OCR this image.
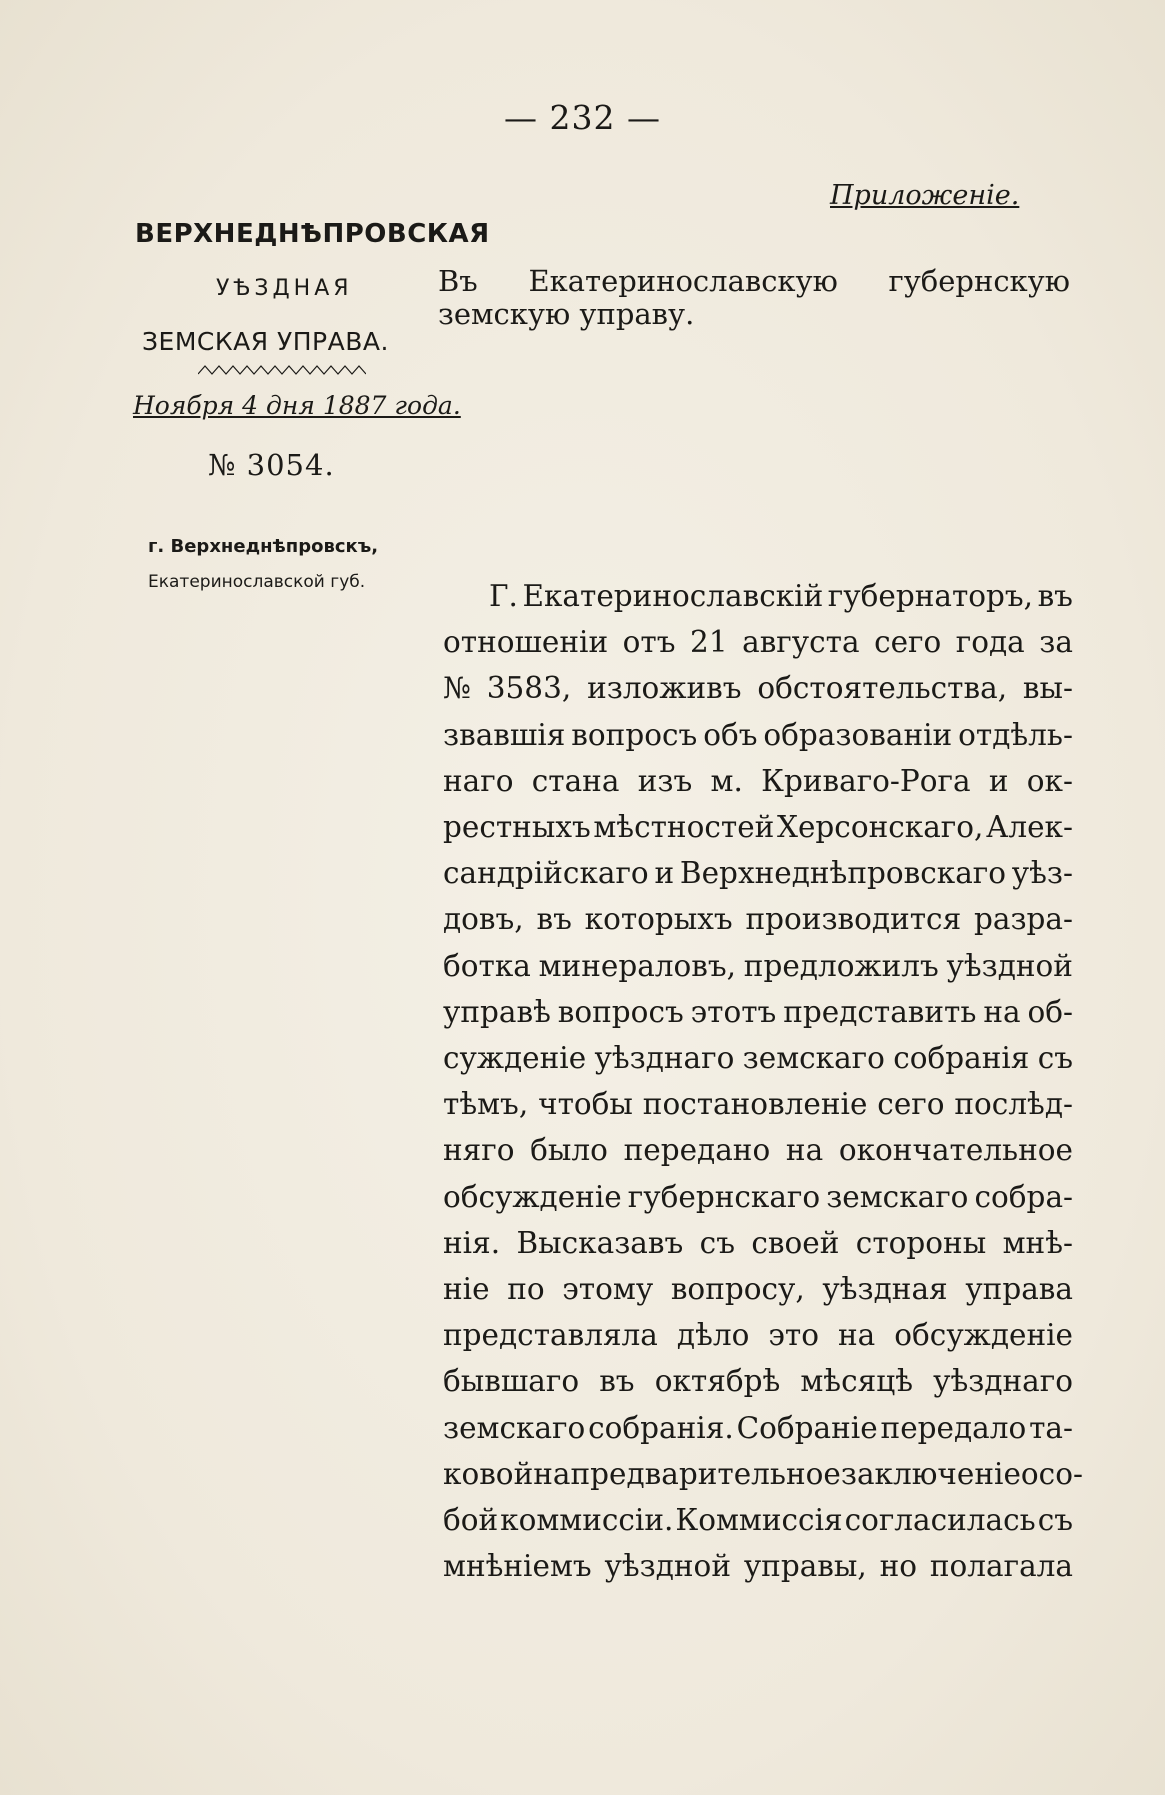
— 232 —
Приложеніе.
ВЕРХНЕДНѢПРОВСКАЯ
УѢЗДНАЯ
ЗЕМСКАЯ УПРАВА.
Въ Екатеринославскую губернскую
земскую управу.
Ноября 4 дня 1887 года.
№ 3054.
г. Верхнеднѣпровскъ,
Екатеринославской губ.	Г. Екатеринославскій губернаторъ, въ
отношеніи отъ 21 августа сего года за
№ 3583, изложивъ обстоятельства, вы-
звавшія вопросъ объ образованіи отдѣль-
наго стана изъ м. Криваго-Рога и ок-
рестныхъ мѣстностей Херсонскаго, Алек-
сандрійскаго и Верхнеднѣпровскаго уѣз-
довъ, въ которыхъ производится разра-
ботка минераловъ, предложилъ уѣздной
управѣ вопросъ этотъ представить на об-
сужденіе уѣзднаго земскаго собранія съ
тѣмъ, чтобы постановленіе сего послѣд-
няго было передано на окончательное
обсужденіе губернскаго земскаго собра-
нія. Высказавъ съ своей стороны мнѣ-
ніе по этому вопросу, уѣздная управа
представляла дѣло это на обсужденіе
бывшаго въ октябрѣ мѣсяцѣ уѣзднаго
земскаго собранія. Собраніе передало та-
ковой на предварительное заключеніе осо-
бой коммиссіи. Коммиссія согласилась съ
мнѣніемъ уѣздной управы, но полагала
